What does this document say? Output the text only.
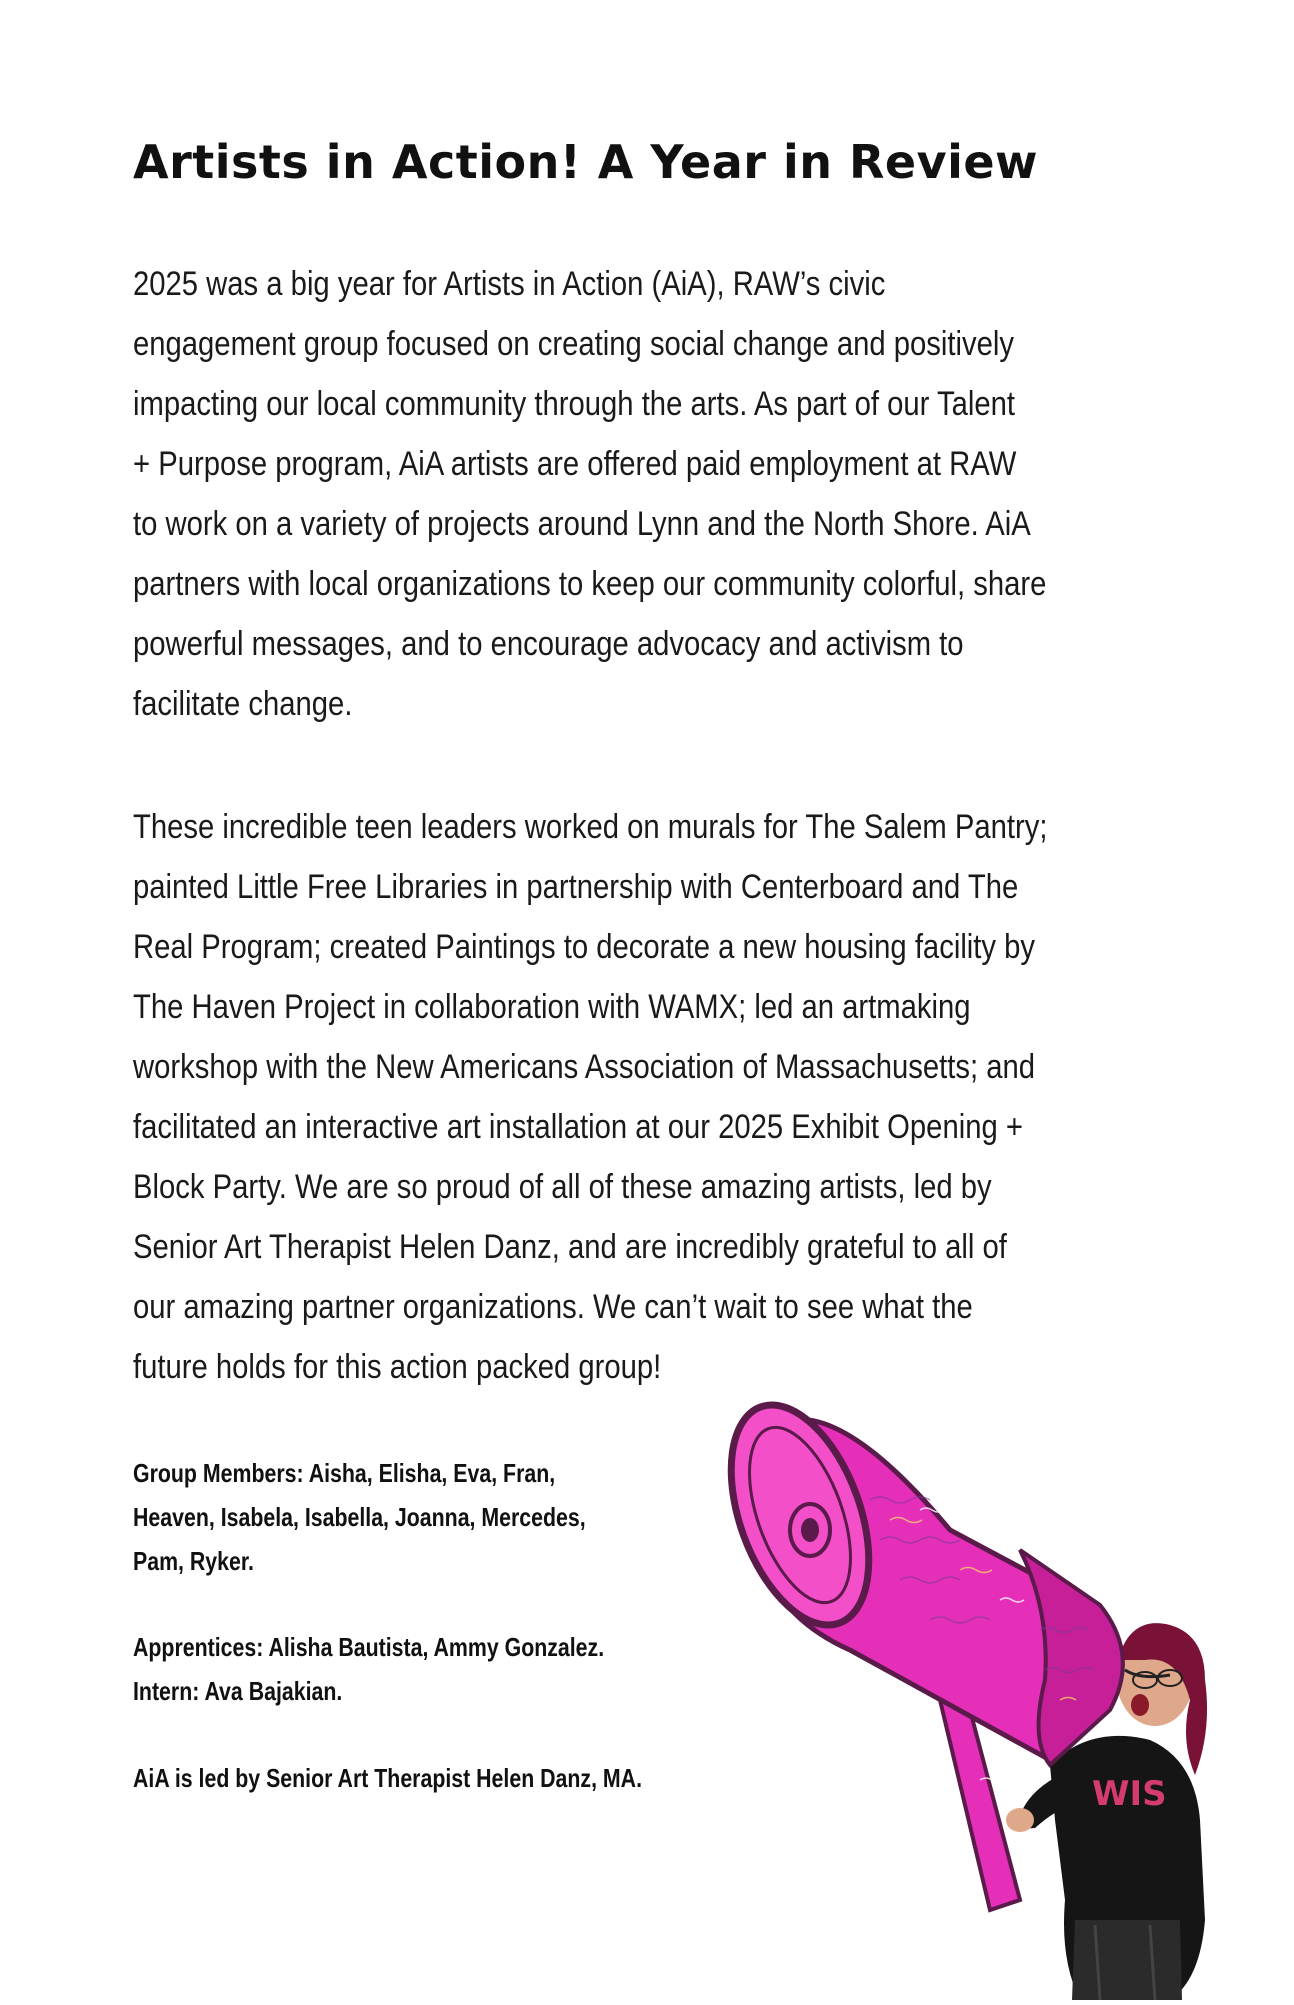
Artists in Action! A Year in Review
2025 was a big year for Artists in Action (AiA), RAW’s civic
engagement group focused on creating social change and positively
impacting our local community through the arts. As part of our Talent
+ Purpose program, AiA artists are offered paid employment at RAW
to work on a variety of projects around Lynn and the North Shore. AiA
partners with local organizations to keep our community colorful, share
powerful messages, and to encourage advocacy and activism to
facilitate change.
These incredible teen leaders worked on murals for The Salem Pantry;
painted Little Free Libraries in partnership with Centerboard and The
Real Program; created Paintings to decorate a new housing facility by
The Haven Project in collaboration with WAMX; led an artmaking
workshop with the New Americans Association of Massachusetts; and
facilitated an interactive art installation at our 2025 Exhibit Opening +
Block Party. We are so proud of all of these amazing artists, led by
Senior Art Therapist Helen Danz, and are incredibly grateful to all of
our amazing partner organizations. We can’t wait to see what the
future holds for this action packed group!
Group Members: Aisha, Elisha, Eva, Fran,
Heaven, Isabela, Isabella, Joanna, Mercedes,
Pam, Ryker.
Apprentices: Alisha Bautista, Ammy Gonzalez.
Intern: Ava Bajakian.
AiA is led by Senior Art Therapist Helen Danz, MA.	WIS
